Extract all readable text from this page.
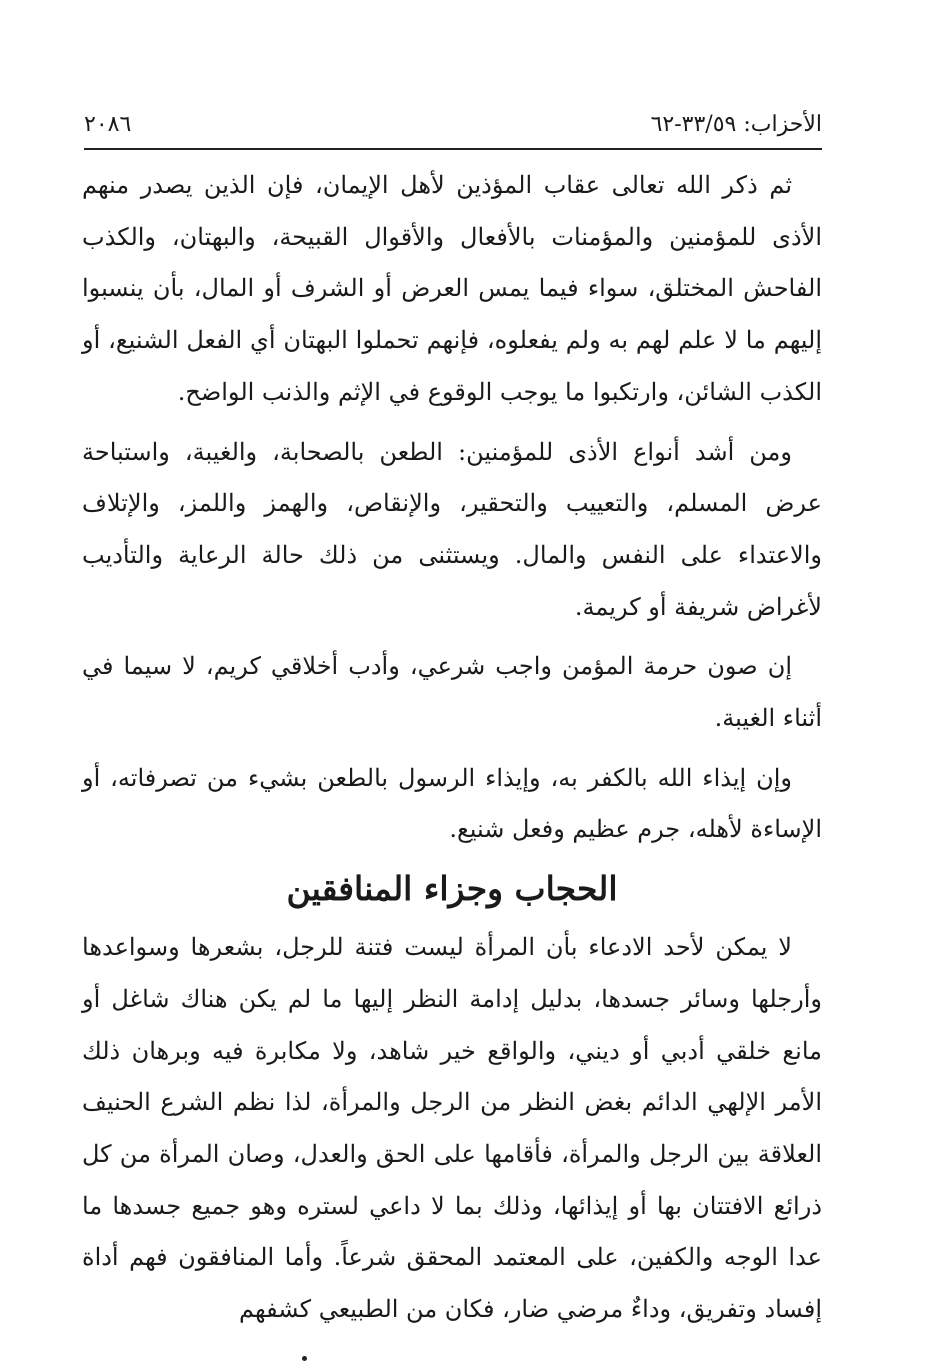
الأحزاب: ٣٣/٥٩-٦٢
٢٠٨٦

ثم ذكر الله تعالى عقاب المؤذين لأهل الإيمان، فإن الذين يصدر منهم الأذى للمؤمنين والمؤمنات بالأفعال والأقوال القبيحة، والبهتان، والكذب الفاحش المختلق، سواء فيما يمس العرض أو الشرف أو المال، بأن ينسبوا إليهم ما لا علم لهم به ولم يفعلوه، فإنهم تحملوا البهتان أي الفعل الشنيع، أو الكذب الشائن، وارتكبوا ما يوجب الوقوع في الإثم والذنب الواضح.

ومن أشد أنواع الأذى للمؤمنين: الطعن بالصحابة، والغيبة، واستباحة عرض المسلم، والتعييب والتحقير، والإنقاص، والهمز واللمز، والإتلاف والاعتداء على النفس والمال. ويستثنى من ذلك حالة الرعاية والتأديب لأغراض شريفة أو كريمة.

إن صون حرمة المؤمن واجب شرعي، وأدب أخلاقي كريم، لا سيما في أثناء الغيبة.

وإن إيذاء الله بالكفر به، وإيذاء الرسول بالطعن بشيء من تصرفاته، أو الإساءة لأهله، جرم عظيم وفعل شنيع.

الحجاب وجزاء المنافقين

لا يمكن لأحد الادعاء بأن المرأة ليست فتنة للرجل، بشعرها وسواعدها وأرجلها وسائر جسدها، بدليل إدامة النظر إليها ما لم يكن هناك شاغل أو مانع خلقي أدبي أو ديني، والواقع خير شاهد، ولا مكابرة فيه وبرهان ذلك الأمر الإلهي الدائم بغض النظر من الرجل والمرأة، لذا نظم الشرع الحنيف العلاقة بين الرجل والمرأة، فأقامها على الحق والعدل، وصان المرأة من كل ذرائع الافتتان بها أو إيذائها، وذلك بما لا داعي لستره وهو جميع جسدها ما عدا الوجه والكفين، على المعتمد المحقق شرعاً. وأما المنافقون فهم أداة إفساد وتفريق، وداءٌ مرضي ضار، فكان من الطبيعي كشفهم
